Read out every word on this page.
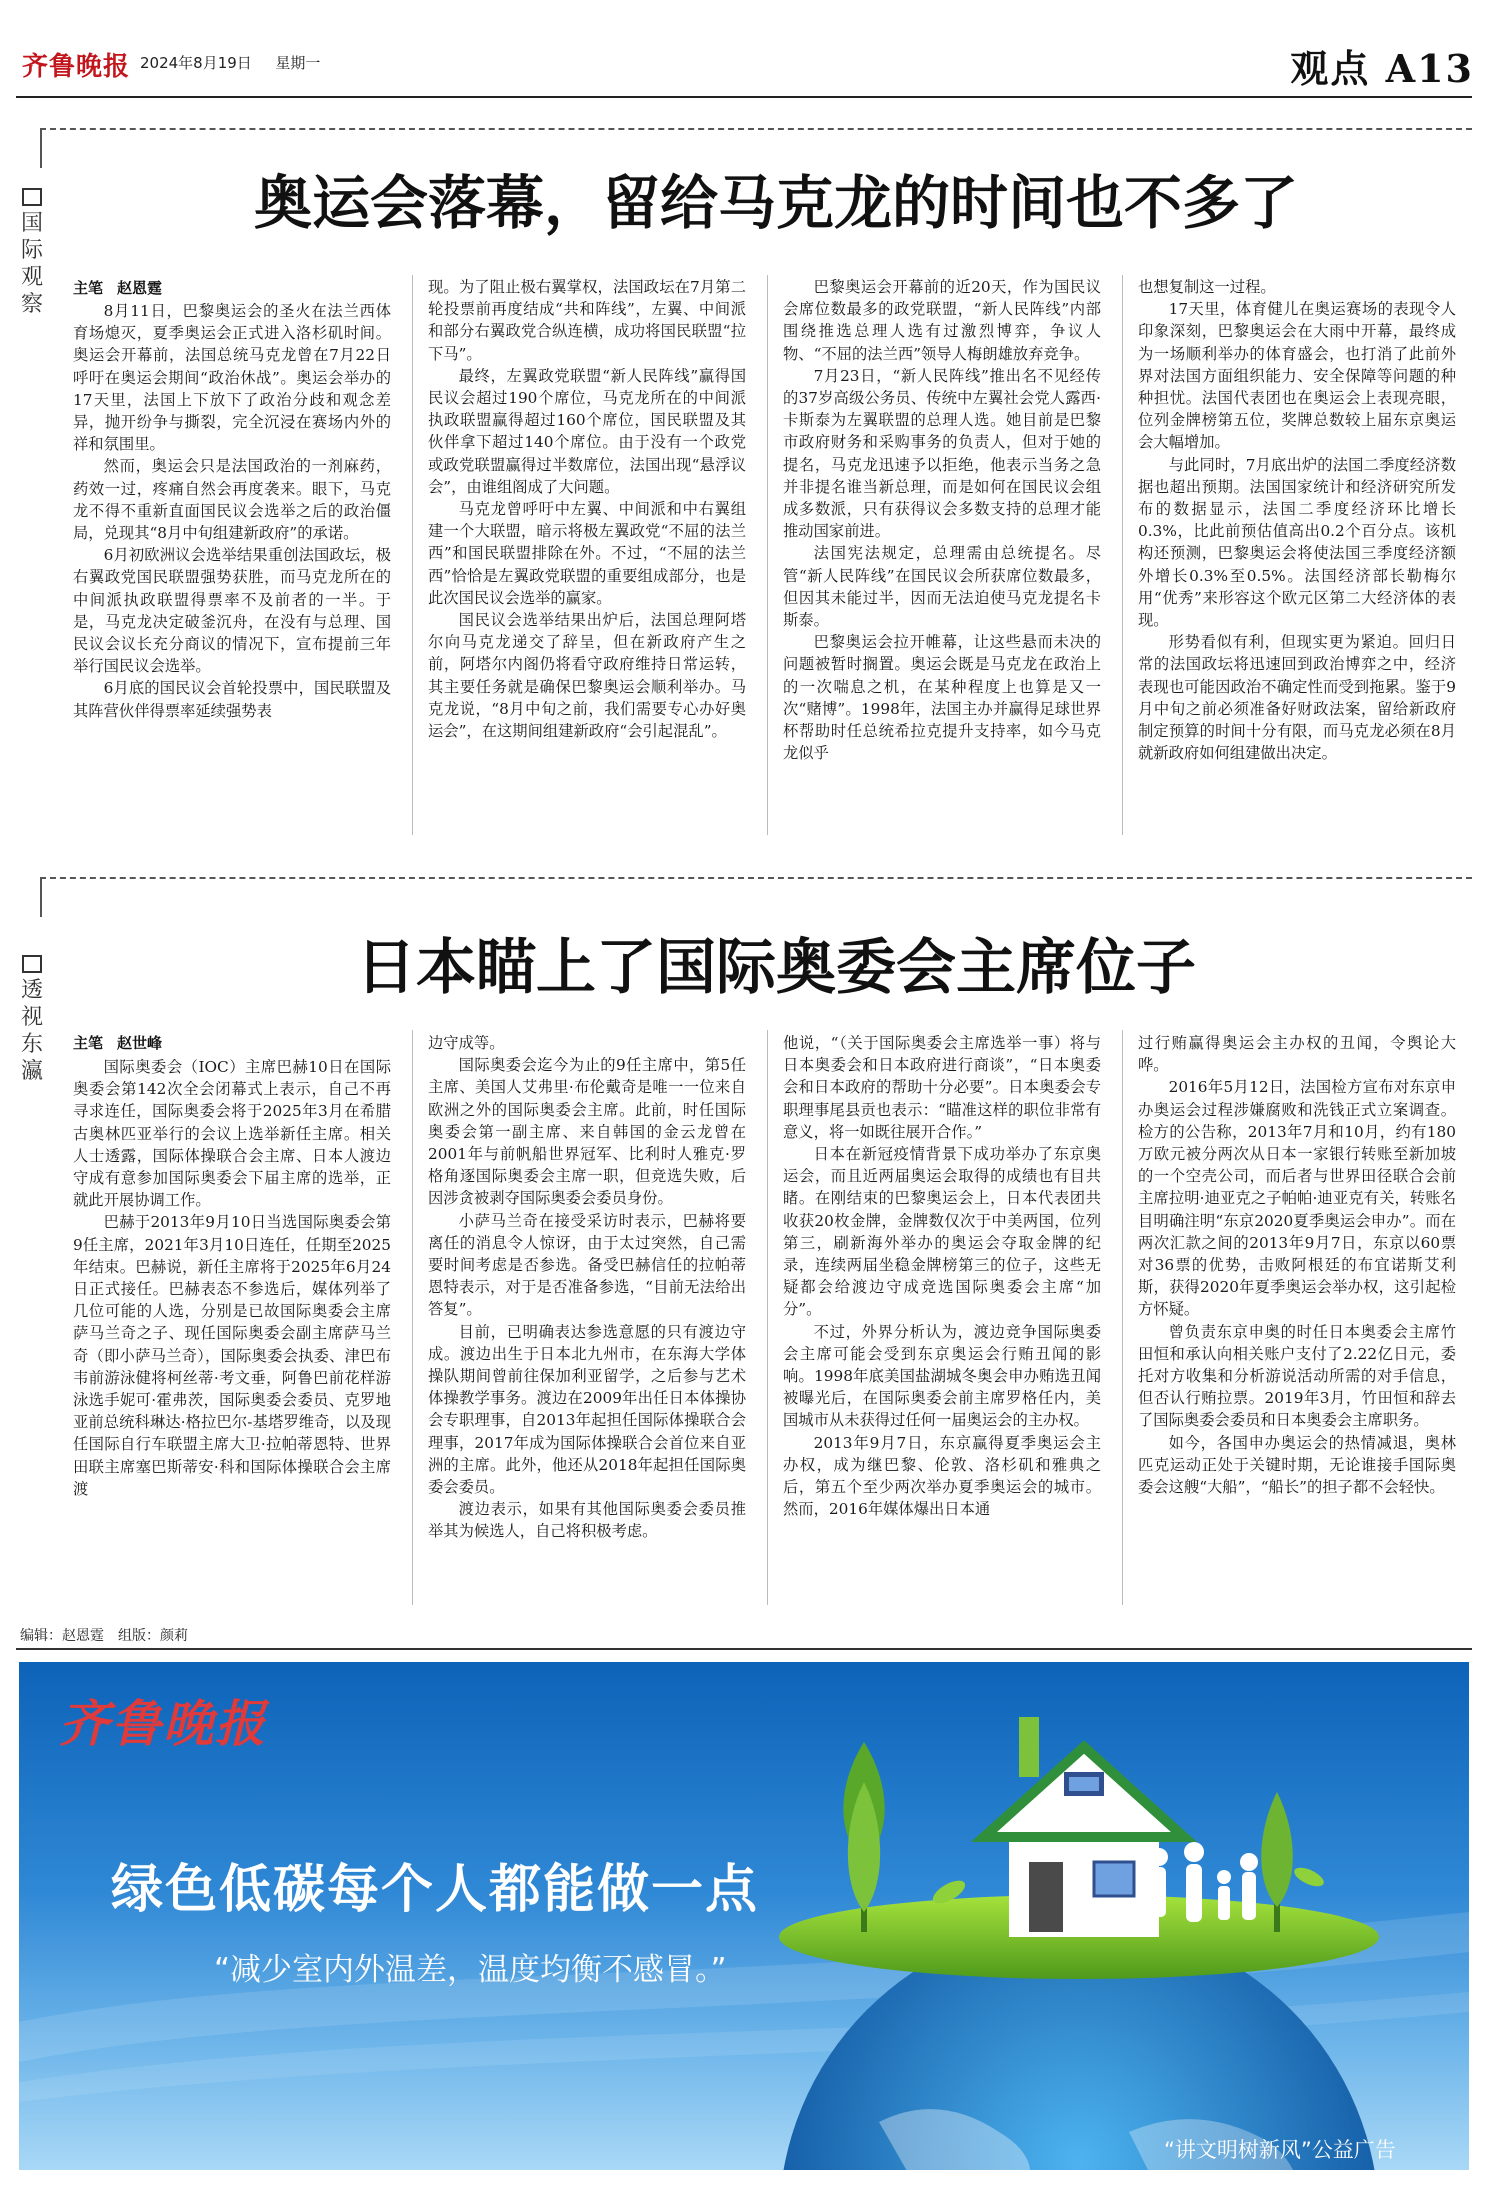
齐鲁晚报 2024年8月19日 星期一	观点 A13
国
际
观
察
奥运会落幕，留给马克龙的时间也不多了
主笔 赵恩霆

8月11日，巴黎奥运会的圣火在法兰西体育场熄灭，夏季奥运会正式进入洛杉矶时间。奥运会开幕前，法国总统马克龙曾在7月22日呼吁在奥运会期间“政治休战”。奥运会举办的17天里，法国上下放下了政治分歧和观念差异，抛开纷争与撕裂，完全沉浸在赛场内外的祥和氛围里。

然而，奥运会只是法国政治的一剂麻药，药效一过，疼痛自然会再度袭来。眼下，马克龙不得不重新直面国民议会选举之后的政治僵局，兑现其“8月中旬组建新政府”的承诺。

6月初欧洲议会选举结果重创法国政坛，极右翼政党国民联盟强势获胜，而马克龙所在的中间派执政联盟得票率不及前者的一半。于是，马克龙决定破釜沉舟，在没有与总理、国民议会议长充分商议的情况下，宣布提前三年举行国民议会选举。

6月底的国民议会首轮投票中，国民联盟及其阵营伙伴得票率延续强势表

现。为了阻止极右翼掌权，法国政坛在7月第二轮投票前再度结成“共和阵线”，左翼、中间派和部分右翼政党合纵连横，成功将国民联盟“拉下马”。

最终，左翼政党联盟“新人民阵线”赢得国民议会超过190个席位，马克龙所在的中间派执政联盟赢得超过160个席位，国民联盟及其伙伴拿下超过140个席位。由于没有一个政党或政党联盟赢得过半数席位，法国出现“悬浮议会”，由谁组阁成了大问题。

马克龙曾呼吁中左翼、中间派和中右翼组建一个大联盟，暗示将极左翼政党“不屈的法兰西”和国民联盟排除在外。不过，“不屈的法兰西”恰恰是左翼政党联盟的重要组成部分，也是此次国民议会选举的赢家。

国民议会选举结果出炉后，法国总理阿塔尔向马克龙递交了辞呈，但在新政府产生之前，阿塔尔内阁仍将看守政府维持日常运转，其主要任务就是确保巴黎奥运会顺利举办。马克龙说，“8月中旬之前，我们需要专心办好奥运会”，在这期间组建新政府“会引起混乱”。

巴黎奥运会开幕前的近20天，作为国民议会席位数最多的政党联盟，“新人民阵线”内部围绕推选总理人选有过激烈博弈，争议人物、“不屈的法兰西”领导人梅朗雄放弃竞争。

7月23日，“新人民阵线”推出名不见经传的37岁高级公务员、传统中左翼社会党人露西·卡斯泰为左翼联盟的总理人选。她目前是巴黎市政府财务和采购事务的负责人，但对于她的提名，马克龙迅速予以拒绝，他表示当务之急并非提名谁当新总理，而是如何在国民议会组成多数派，只有获得议会多数支持的总理才能推动国家前进。

法国宪法规定，总理需由总统提名。尽管“新人民阵线”在国民议会所获席位数最多，但因其未能过半，因而无法迫使马克龙提名卡斯泰。

巴黎奥运会拉开帷幕，让这些悬而未决的问题被暂时搁置。奥运会既是马克龙在政治上的一次喘息之机，在某种程度上也算是又一次“赌博”。1998年，法国主办并赢得足球世界杯帮助时任总统希拉克提升支持率，如今马克龙似乎

也想复制这一过程。

17天里，体育健儿在奥运赛场的表现令人印象深刻，巴黎奥运会在大雨中开幕，最终成为一场顺利举办的体育盛会，也打消了此前外界对法国方面组织能力、安全保障等问题的种种担忧。法国代表团也在奥运会上表现亮眼，位列金牌榜第五位，奖牌总数较上届东京奥运会大幅增加。

与此同时，7月底出炉的法国二季度经济数据也超出预期。法国国家统计和经济研究所发布的数据显示，法国二季度经济环比增长0.3%，比此前预估值高出0.2个百分点。该机构还预测，巴黎奥运会将使法国三季度经济额外增长0.3%至0.5%。法国经济部长勒梅尔用“优秀”来形容这个欧元区第二大经济体的表现。

形势看似有利，但现实更为紧迫。回归日常的法国政坛将迅速回到政治博弈之中，经济表现也可能因政治不确定性而受到拖累。鉴于9月中旬之前必须准备好财政法案，留给新政府制定预算的时间十分有限，而马克龙必须在8月就新政府如何组建做出决定。

透
视
东
瀛
日本瞄上了国际奥委会主席位子
主笔 赵世峰

国际奥委会（IOC）主席巴赫10日在国际奥委会第142次全会闭幕式上表示，自己不再寻求连任，国际奥委会将于2025年3月在希腊古奥林匹亚举行的会议上选举新任主席。相关人士透露，国际体操联合会主席、日本人渡边守成有意参加国际奥委会下届主席的选举，正就此开展协调工作。

巴赫于2013年9月10日当选国际奥委会第9任主席，2021年3月10日连任，任期至2025年结束。巴赫说，新任主席将于2025年6月24日正式接任。巴赫表态不参选后，媒体列举了几位可能的人选，分别是已故国际奥委会主席萨马兰奇之子、现任国际奥委会副主席萨马兰奇（即小萨马兰奇），国际奥委会执委、津巴布韦前游泳健将柯丝蒂·考文垂，阿鲁巴前花样游泳选手妮可·霍弗茨，国际奥委会委员、克罗地亚前总统科琳达·格拉巴尔-基塔罗维奇，以及现任国际自行车联盟主席大卫·拉帕蒂恩特、世界田联主席塞巴斯蒂安·科和国际体操联合会主席渡

边守成等。

国际奥委会迄今为止的9任主席中，第5任主席、美国人艾弗里·布伦戴奇是唯一一位来自欧洲之外的国际奥委会主席。此前，时任国际奥委会第一副主席、来自韩国的金云龙曾在2001年与前帆船世界冠军、比利时人雅克·罗格角逐国际奥委会主席一职，但竞选失败，后因涉贪被剥夺国际奥委会委员身份。

小萨马兰奇在接受采访时表示，巴赫将要离任的消息令人惊讶，由于太过突然，自己需要时间考虑是否参选。备受巴赫信任的拉帕蒂恩特表示，对于是否准备参选，“目前无法给出答复”。

目前，已明确表达参选意愿的只有渡边守成。渡边出生于日本北九州市，在东海大学体操队期间曾前往保加利亚留学，之后参与艺术体操教学事务。渡边在2009年出任日本体操协会专职理事，自2013年起担任国际体操联合会理事，2017年成为国际体操联合会首位来自亚洲的主席。此外，他还从2018年起担任国际奥委会委员。

渡边表示，如果有其他国际奥委会委员推举其为候选人，自己将积极考虑。

他说，“（关于国际奥委会主席选举一事）将与日本奥委会和日本政府进行商谈”，“日本奥委会和日本政府的帮助十分必要”。日本奥委会专职理事尾县贡也表示：“瞄准这样的职位非常有意义，将一如既往展开合作。”

日本在新冠疫情背景下成功举办了东京奥运会，而且近两届奥运会取得的成绩也有目共睹。在刚结束的巴黎奥运会上，日本代表团共收获20枚金牌，金牌数仅次于中美两国，位列第三，刷新海外举办的奥运会夺取金牌的纪录，连续两届坐稳金牌榜第三的位子，这些无疑都会给渡边守成竞选国际奥委会主席“加分”。

不过，外界分析认为，渡边竞争国际奥委会主席可能会受到东京奥运会行贿丑闻的影响。1998年底美国盐湖城冬奥会申办贿选丑闻被曝光后，在国际奥委会前主席罗格任内，美国城市从未获得过任何一届奥运会的主办权。

2013年9月7日，东京赢得夏季奥运会主办权，成为继巴黎、伦敦、洛杉矶和雅典之后，第五个至少两次举办夏季奥运会的城市。然而，2016年媒体爆出日本通

过行贿赢得奥运会主办权的丑闻，令舆论大哗。

2016年5月12日，法国检方宣布对东京申办奥运会过程涉嫌腐败和洗钱正式立案调查。检方的公告称，2013年7月和10月，约有180万欧元被分两次从日本一家银行转账至新加坡的一个空壳公司，而后者与世界田径联合会前主席拉明·迪亚克之子帕帕·迪亚克有关，转账名目明确注明“东京2020夏季奥运会申办”。而在两次汇款之间的2013年9月7日，东京以60票对36票的优势，击败阿根廷的布宜诺斯艾利斯，获得2020年夏季奥运会举办权，这引起检方怀疑。

曾负责东京申奥的时任日本奥委会主席竹田恒和承认向相关账户支付了2.22亿日元，委托对方收集和分析游说活动所需的对手信息，但否认行贿拉票。2019年3月，竹田恒和辞去了国际奥委会委员和日本奥委会主席职务。

如今，各国申办奥运会的热情减退，奥林匹克运动正处于关键时期，无论谁接手国际奥委会这艘“大船”，“船长”的担子都不会轻快。

编辑：赵恩霆　组版：颜莉
齐鲁晚报
绿色低碳每个人都能做一点
“减少室内外温差，温度均衡不感冒。”
“讲文明树新风”公益广告
